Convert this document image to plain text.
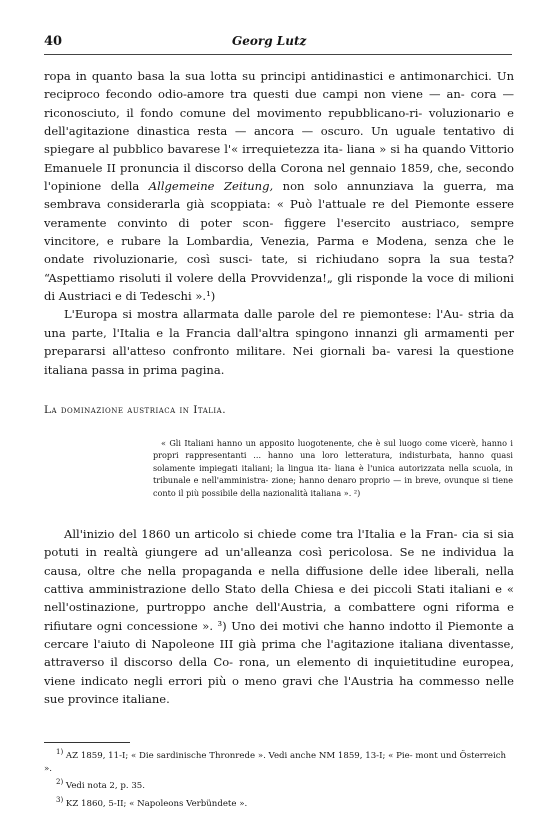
40	Georg Lutz

ropa in quanto basa la sua lotta su principi antidinastici e antimonarchici. Un reciproco fecondo odio-amore tra questi due campi non viene — an- cora — riconosciuto, il fondo comune del movimento repubblicano-ri- voluzionario e dell'agitazione dinastica resta — ancora — oscuro. Un uguale tentativo di spiegare al pubblico bavarese l'« irrequietezza ita- liana » si ha quando Vittorio Emanuele II pronuncia il discorso della Corona nel gennaio 1859, che, secondo l'opinione della Allgemeine Zeitung, non solo annunziava la guerra, ma sembrava considerarla già scoppiata: « Può l'attuale re del Piemonte essere veramente convinto di poter scon- figgere l'esercito austriaco, sempre vincitore, e rubare la Lombardia, Venezia, Parma e Modena, senza che le ondate rivoluzionarie, così susci- tate, si richiudano sopra la sua testa? “Aspettiamo risoluti il volere della Provvidenza!„ gli risponde la voce di milioni di Austriaci e di Tedeschi ».¹)

L'Europa si mostra allarmata dalle parole del re piemontese: l'Au- stria da una parte, l'Italia e la Francia dall'altra spingono innanzi gli armamenti per prepararsi all'atteso confronto militare. Nei giornali ba- varesi la questione italiana passa in prima pagina.

La dominazione austriaca in Italia.

« Gli Italiani hanno un apposito luogotenente, che è sul luogo come vicerè, hanno i propri rappresentanti ... hanno una loro letteratura, indisturbata, hanno quasi solamente impiegati italiani; la lingua ita- liana è l'unica autorizzata nella scuola, in tribunale e nell'amministra- zione; hanno denaro proprio — in breve, ovunque si tiene conto il più possibile della nazionalità italiana ». ²)

All'inizio del 1860 un articolo si chiede come tra l'Italia e la Fran- cia si sia potuti in realtà giungere ad un'alleanza così pericolosa. Se ne individua la causa, oltre che nella propaganda e nella diffusione delle idee liberali, nella cattiva amministrazione dello Stato della Chiesa e dei piccoli Stati italiani e « nell'ostinazione, purtroppo anche dell'Austria, a combattere ogni riforma e rifiutare ogni concessione ». ³) Uno dei motivi che hanno indotto il Piemonte a cercare l'aiuto di Napoleone III già prima che l'agitazione italiana diventasse, attraverso il discorso della Co- rona, un elemento di inquietitudine europea, viene indicato negli errori più o meno gravi che l'Austria ha commesso nelle sue province italiane.

$^{1)}$ AZ 1859, 11-I; « Die sardinische Thronrede ». Vedi anche NM 1859, 13-I; « Pie- mont und Österreich ».

$^{2)}$ Vedi nota 2, p. 35.

$^{3)}$ KZ 1860, 5-II; « Napoleons Verbündete ».
